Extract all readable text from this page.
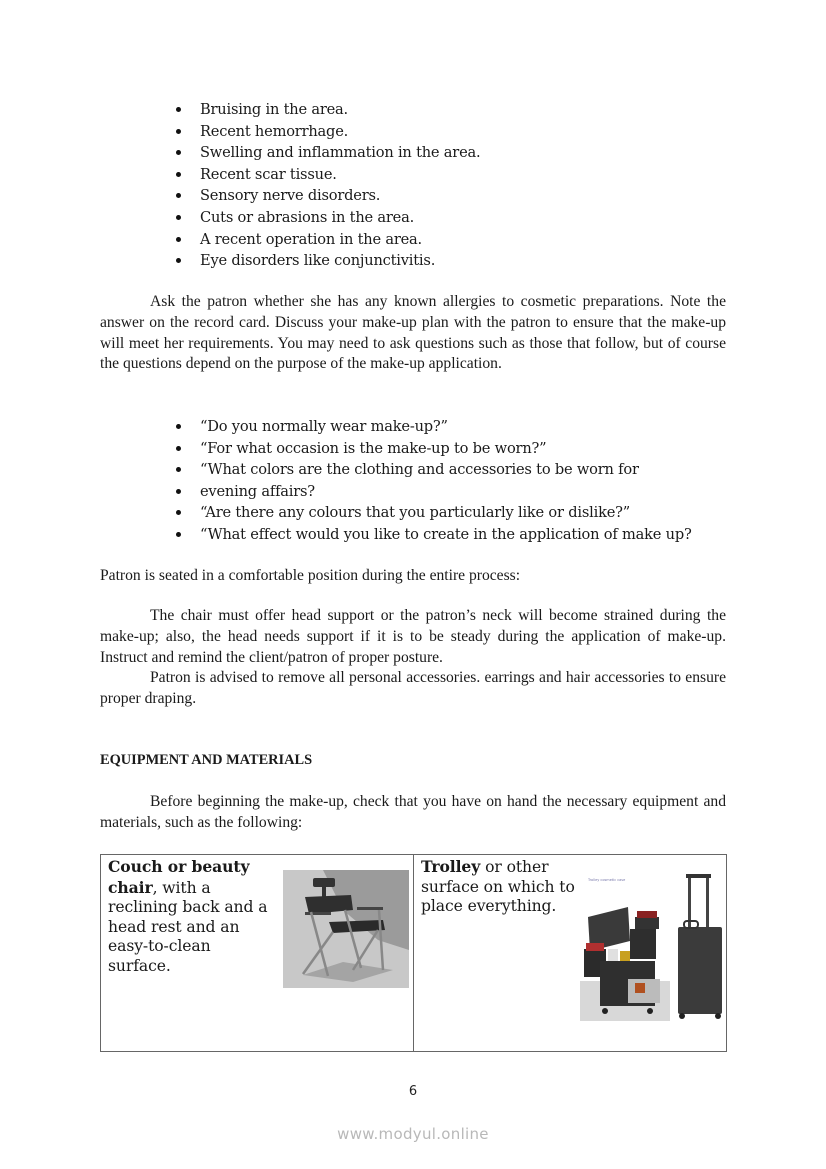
Bruising in the area.
Recent hemorrhage.
Swelling and inflammation in the area.
Recent scar tissue.
Sensory nerve disorders.
Cuts or abrasions in the area.
A recent operation in the area.
Eye disorders like conjunctivitis.

Ask the patron whether she has any known allergies to cosmetic preparations. Note the answer on the record card. Discuss your make-up plan with the patron to ensure that the make-up will meet her requirements. You may need to ask questions such as those that follow, but of course the questions depend on the purpose of the make-up application.

“Do you normally wear make-up?”
“For what occasion is the make-up to be worn?”
“What colors are the clothing and accessories to be worn for
evening affairs?
“Are there any colours that you particularly like or dislike?”
“What effect would you like to create in the application of make up?

Patron is seated in a comfortable position during the entire process:

The chair must offer head support or the patron’s neck will become strained during the make-up; also, the head needs support if it is to be steady during the application of make-up. Instruct and remind the client/patron of proper posture.

Patron is advised to remove all personal accessories. earrings and hair accessories to ensure proper draping.

EQUIPMENT AND MATERIALS

Before beginning the make-up, check that you have on hand the necessary equipment and materials, such as the following:

Couch or beauty chair, with a reclining back and a head rest and an easy-to-clean surface.

Trolley or other surface on which to place everything.
Trolley cosmetic case
6
www.modyul.online
